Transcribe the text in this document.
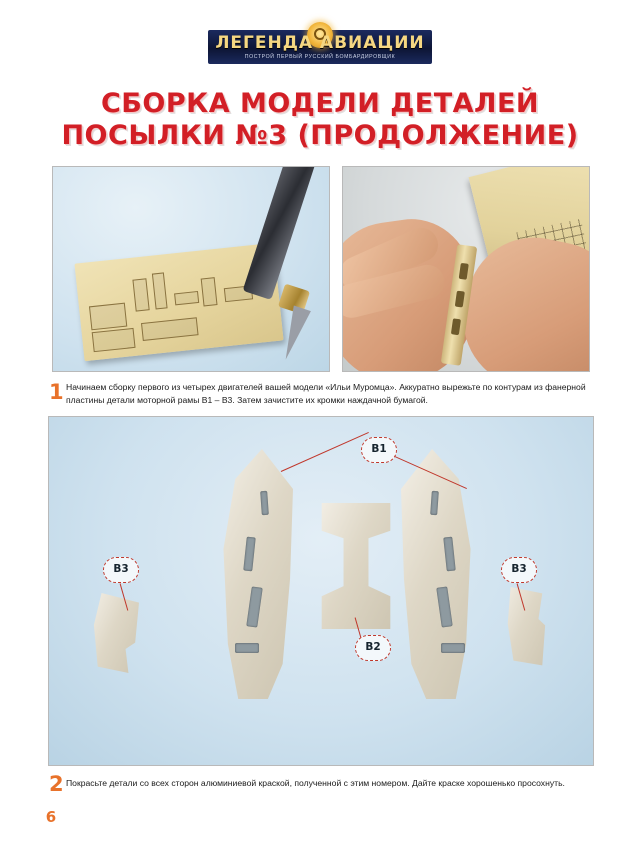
ЛЕГЕНДА АВИАЦИИ
ПОСТРОЙ ПЕРВЫЙ РУССКИЙ БОМБАРДИРОВЩИК
СБОРКА МОДЕЛИ ДЕТАЛЕЙ
ПОСЫЛКИ №3 (ПРОДОЛЖЕНИЕ)
1 Начинаем сборку первого из четырех двигателей вашей модели «Ильи Муромца». Аккуратно вырежьте по контурам из фанерной пластины детали моторной рамы B1 – B3. Затем зачистите их кромки наждачной бумагой.
B1
B2
B3	B3
2 Покрасьте детали со всех сторон алюминиевой краской, полученной с этим номером. Дайте краске хорошенько просохнуть.
6
